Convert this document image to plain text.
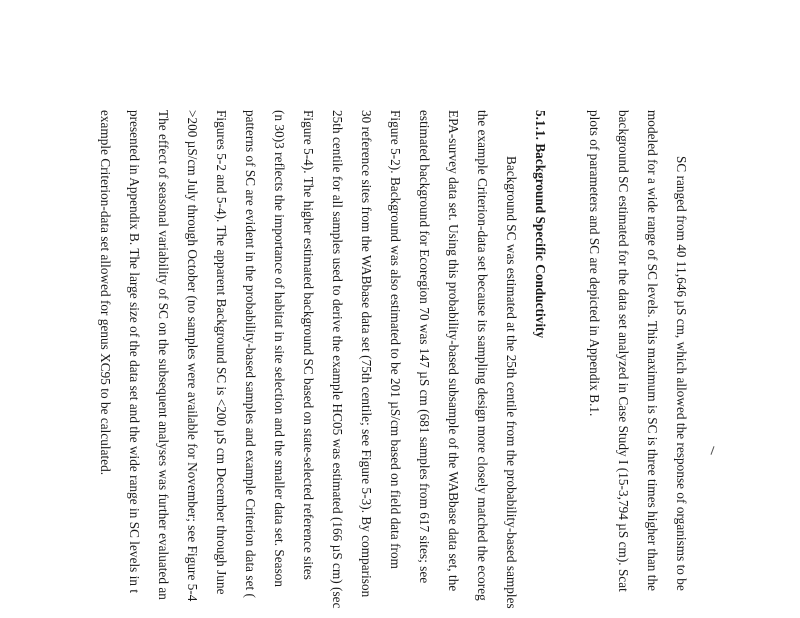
SC ranged from 40 11,646 µS cm, which allowed the response of organisms to be
modeled for a wide range of SC levels. This maximum is SC is three times higher than the
background SC estimated for the data set analyzed in Case Study I (15-3,794 µS cm). Scat
plots of parameters and SC are depicted in Appendix B.1.
5.1.1. Background Specific Conductivity
Background SC was estimated at the 25th centile from the probability-based samples
the example Criterion-data set because its sampling design more closely matched the ecoreg
EPA-survey data set. Using this probability-based subsample of the WABbase data set, the
estimated background for Ecoregion 70 was 147 µS cm (681 samples from 617 sites; see
Figure 5-2). Background was also estimated to be 201 µS/cm based on field data from
30 reference sites from the WABbase data set (75th centile; see Figure 5-3). By comparison
25th centile for all samples used to derive the example HC05 was estimated (166 µS cm) (sec
Figure 5-4). The higher estimated background SC based on state-selected reference sites
(n 30)3 reflects the importance of habitat in site selection and the smaller data set. Season
patterns of SC are evident in the probability-based samples and example Criterion data set (
Figures 5-2 and 5-4). The apparent Background SC is <200 µS cm December through June
>200 µS/cm July through October (no samples were available for November; see Figure 5-4
The effect of seasonal variability of SC on the subsequent analyses was further evaluated an
presented in Appendix B. The large size of the data set and the wide range in SC levels in t
example Criterion-data set allowed for genus XC95 to be calculated.
